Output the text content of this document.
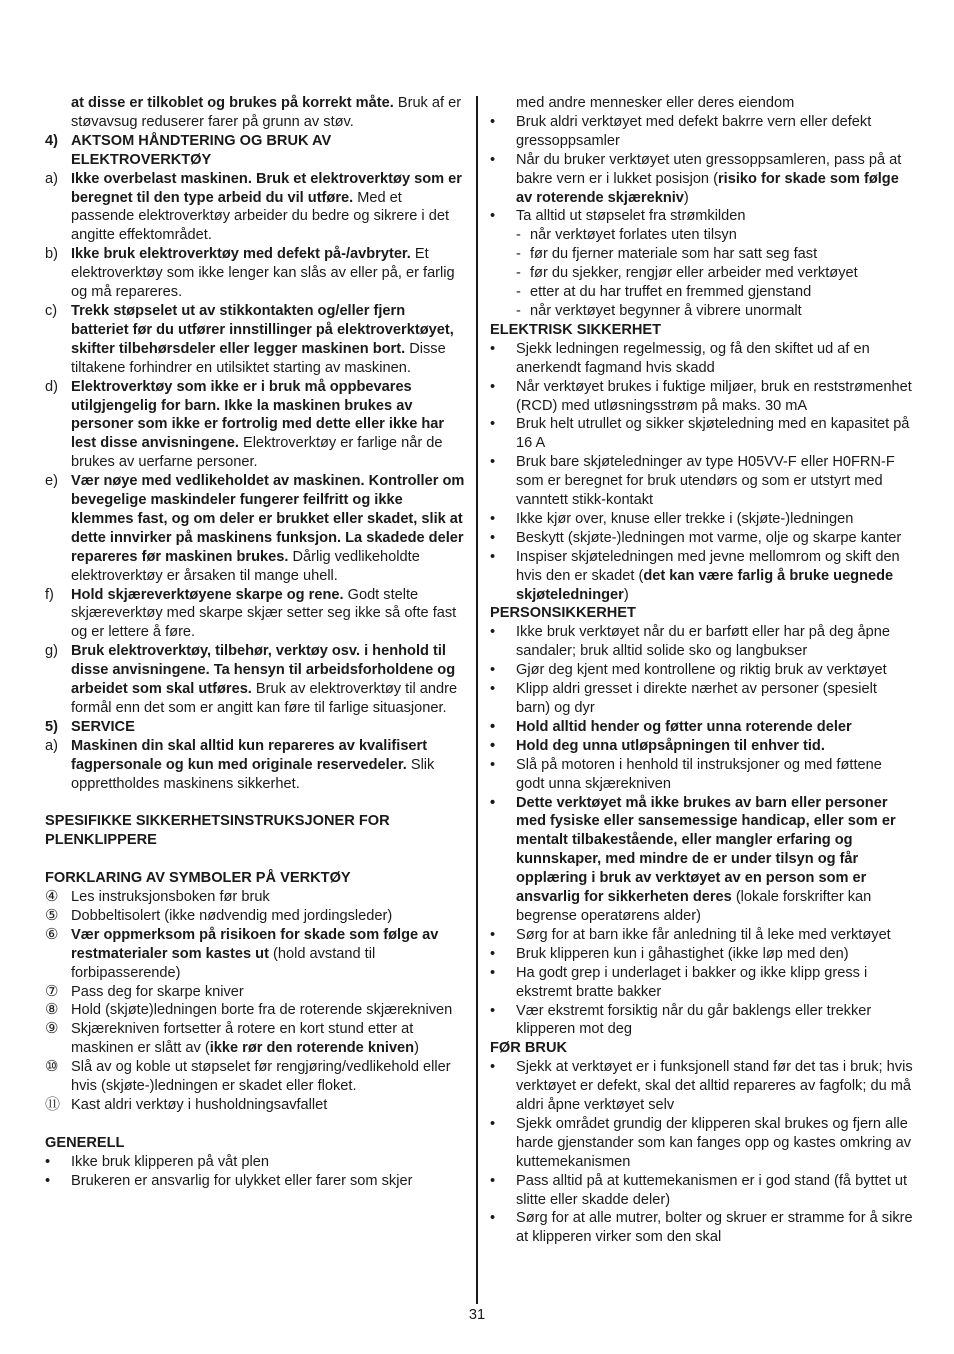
at disse er tilkoblet og brukes på korrekt måte. Bruk af er støvavsug reduserer farer på grunn av støv.
4) AKTSOM HÅNDTERING OG BRUK AV ELEKTROVERKTØY
a) Ikke overbelast maskinen. Bruk et elektroverktøy som er beregnet til den type arbeid du vil utføre. Med et passende elektroverktøy arbeider du bedre og sikrere i det angitte effektområdet.
b) Ikke bruk elektroverktøy med defekt på-/avbryter. Et elektroverktøy som ikke lenger kan slås av eller på, er farlig og må repareres.
c) Trekk støpselet ut av stikkontakten og/eller fjern batteriet før du utfører innstillinger på elektroverktøyet, skifter tilbehørsdeler eller legger maskinen bort. Disse tiltakene forhindrer en utilsiktet starting av maskinen.
d) Elektroverktøy som ikke er i bruk må oppbevares utilgjengelig for barn. Ikke la maskinen brukes av personer som ikke er fortrolig med dette eller ikke har lest disse anvisningene. Elektroverktøy er farlige når de brukes av uerfarne personer.
e) Vær nøye med vedlikeholdet av maskinen. Kontroller om bevegelige maskindeler fungerer feilfritt og ikke klemmes fast, og om deler er brukket eller skadet, slik at dette innvirker på maskinens funksjon. La skadede deler repareres før maskinen brukes. Dårlig vedlikeholdte elektroverktøy er årsaken til mange uhell.
f) Hold skjæreverktøyene skarpe og rene. Godt stelte skjæreverktøy med skarpe skjær setter seg ikke så ofte fast og er lettere å føre.
g) Bruk elektroverktøy, tilbehør, verktøy osv. i henhold til disse anvisningene. Ta hensyn til arbeidsforholdene og arbeidet som skal utføres. Bruk av elektroverktøy til andre formål enn det som er angitt kan føre til farlige situasjoner.
5) SERVICE
a) Maskinen din skal alltid kun repareres av kvalifisert fagpersonale og kun med originale reservedeler. Slik opprettholdes maskinens sikkerhet.
SPESIFIKKE SIKKERHETSINSTRUKSJONER FOR PLENKLIPPERE
FORKLARING AV SYMBOLER PÅ VERKTØY
④ Les instruksjonsboken før bruk
⑤ Dobbeltisolert (ikke nødvendig med jordingsleder)
⑥ Vær oppmerksom på risikoen for skade som følge av restmaterialer som kastes ut (hold avstand til forbipasserende)
⑦ Pass deg for skarpe kniver
⑧ Hold (skjøte)ledningen borte fra de roterende skjærekniven
⑨ Skjærekniven fortsetter å rotere en kort stund etter at maskinen er slått av (ikke rør den roterende kniven)
⑩ Slå av og koble ut støpselet før rengjøring/vedlikehold eller hvis (skjøte-)ledningen er skadet eller floket.
⑪ Kast aldri verktøy i husholdningsavfallet
GENERELL
• Ikke bruk klipperen på våt plen
• Brukeren er ansvarlig for ulykket eller farer som skjer
med andre mennesker eller deres eiendom
• Bruk aldri verktøyet med defekt bakrre vern eller defekt gressoppsamler
• Når du bruker verktøyet uten gressoppsamleren, pass på at bakre vern er i lukket posisjon (risiko for skade som følge av roterende skjærekniv)
• Ta alltid ut støpselet fra strømkilden
- når verktøyet forlates uten tilsyn
- før du fjerner materiale som har satt seg fast
- før du sjekker, rengjør eller arbeider med verktøyet
- etter at du har truffet en fremmed gjenstand
- når verktøyet begynner å vibrere unormalt
ELEKTRISK SIKKERHET
• Sjekk ledningen regelmessig, og få den skiftet ud af en anerkendt fagmand hvis skadd
• Når verktøyet brukes i fuktige miljøer, bruk en reststrømenhet (RCD) med utløsningsstrøm på maks. 30 mA
• Bruk helt utrullet og sikker skjøteledning med en kapasitet på 16 A
• Bruk bare skjøteledninger av type H05VV-F eller H0FRN-F som er beregnet for bruk utendørs og som er utstyrt med vanntett stikk-kontakt
• Ikke kjør over, knuse eller trekke i (skjøte-)ledningen
• Beskytt (skjøte-)ledningen mot varme, olje og skarpe kanter
• Inspiser skjøteledningen med jevne mellomrom og skift den hvis den er skadet (det kan være farlig å bruke uegnede skjøteledninger)
PERSONSIKKERHET
• Ikke bruk verktøyet når du er barføtt eller har på deg åpne sandaler; bruk alltid solide sko og langbukser
• Gjør deg kjent med kontrollene og riktig bruk av verktøyet
• Klipp aldri gresset i direkte nærhet av personer (spesielt barn) og dyr
• Hold alltid hender og føtter unna roterende deler
• Hold deg unna utløpsåpningen til enhver tid.
• Slå på motoren i henhold til instruksjoner og med føttene godt unna skjærekniven
• Dette verktøyet må ikke brukes av barn eller personer med fysiske eller sansemessige handicap, eller som er mentalt tilbakestående, eller mangler erfaring og kunnskaper, med mindre de er under tilsyn og får opplæring i bruk av verktøyet av en person som er ansvarlig for sikkerheten deres (lokale forskrifter kan begrense operatørens alder)
• Sørg for at barn ikke får anledning til å leke med verktøyet
• Bruk klipperen kun i gåhastighet (ikke løp med den)
• Ha godt grep i underlaget i bakker og ikke klipp gress i ekstremt bratte bakker
• Vær ekstremt forsiktig når du går baklengs eller trekker klipperen mot deg
FØR BRUK
• Sjekk at verktøyet er i funksjonell stand før det tas i bruk; hvis verktøyet er defekt, skal det alltid repareres av fagfolk; du må aldri åpne verktøyet selv
• Sjekk området grundig der klipperen skal brukes og fjern alle harde gjenstander som kan fanges opp og kastes omkring av kuttemekanismen
• Pass alltid på at kuttemekanismen er i god stand (få byttet ut slitte eller skadde deler)
• Sørg for at alle mutrer, bolter og skruer er stramme for å sikre at klipperen virker som den skal
31
